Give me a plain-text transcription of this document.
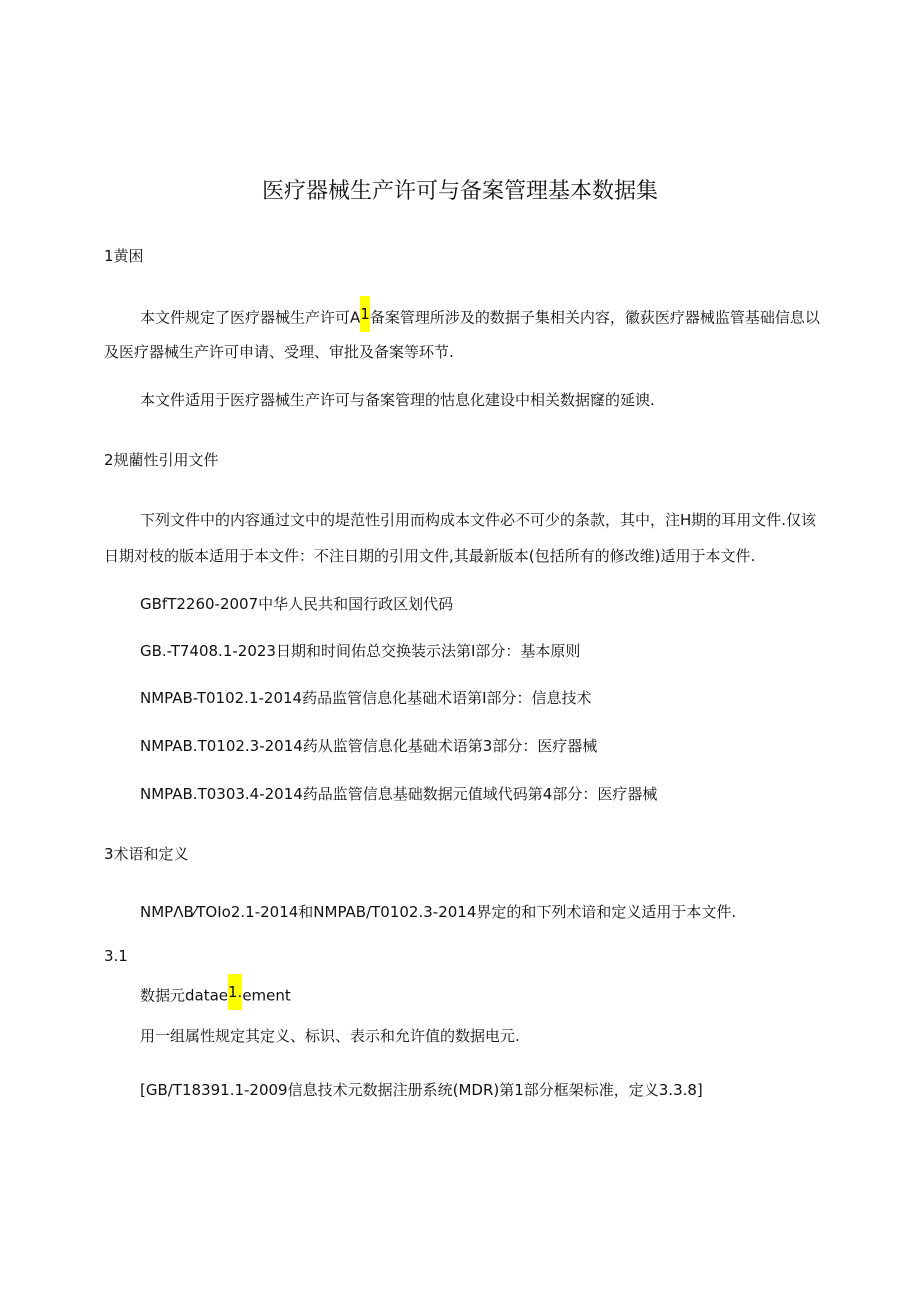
医疗器械生产许可与备案管理基本数据集
1黄困
本文件规定了医疗器械生产许可A1备案管理所涉及的数据子集相关内容，徽荻医疗器械监管基础信息以
及医疗器械生产许可申请、受理、审批及备案等环节.
本文件适用于医疗器械生产许可与备案管理的怙息化建设中相关数据窿的延谀.
2规藺性引用文件
下列文件中的内容通过文中的堤范性引用而构成本文件必不可少的条款，其中，注H期的耳用文件.仅该
日期对枝的版本适用于本文件：不注日期的引用文件,其最新版本(包括所有的修改维)适用于本文件.
GBfT2260-2007中华人民共和国行政区划代码
GB.-T7408.1-2023日期和时间佑总交换装示法第I部分：基本原则
NMPAB-T0102.1-2014药品监管信息化基础术语第I部分：信息技术
NMPAB.T0102.3-2014药从监管信息化基础术语第3部分：医疗器械
NMPAB.T0303.4-2014药品监管信息基础数据元值域代码第4部分：医疗器械
3术语和定义
NMPΛB⁄TOIo2.1-2014和NMPAB/T0102.3-2014界定的和下列术谙和定义适用于本文件.
3.1
数据元datae1.ement
用一组属性规定其定义、标识、表示和允许值的数据电元.
[GB/T18391.1-2009信息技术元数据注册系统(MDR)第1部分框架标准，定义3.3.8]
